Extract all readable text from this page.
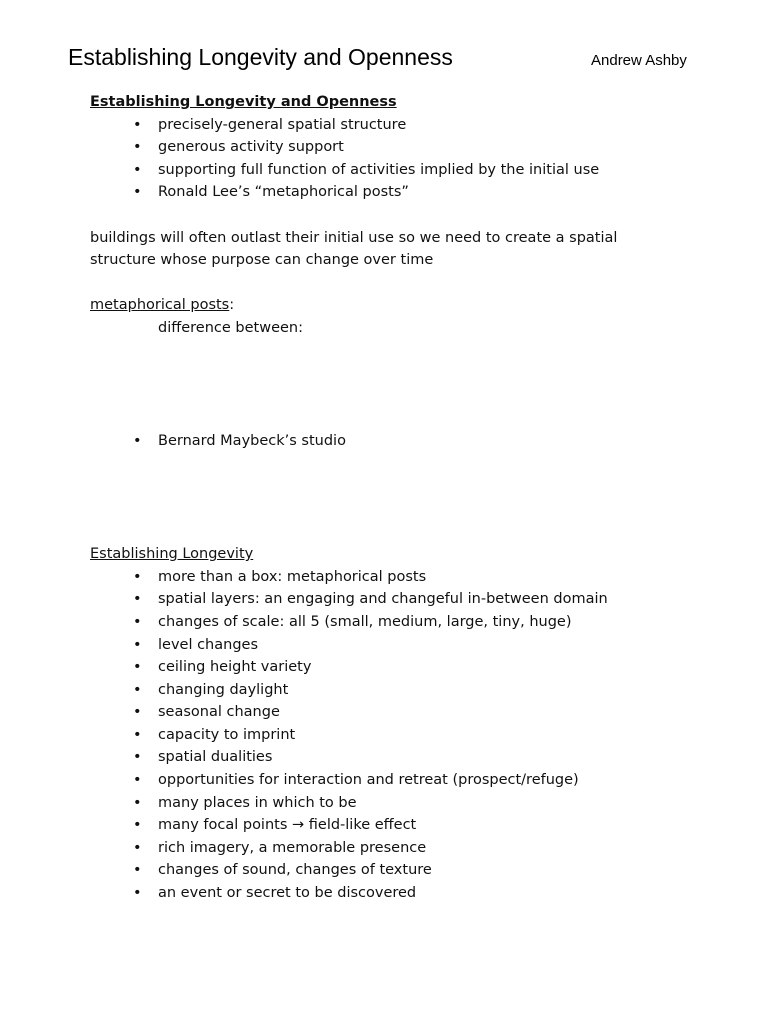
Establishing Longevity and Openness	Andrew Ashby
Establishing Longevity and Openness
• precisely-general spatial structure
• generous activity support
• supporting full function of activities implied by the initial use
• Ronald Lee’s “metaphorical posts”
buildings will often outlast their initial use so we need to create a spatial
structure whose purpose can change over time
metaphorical posts:
difference between:
• Bernard Maybeck’s studio
Establishing Longevity
• more than a box: metaphorical posts
• spatial layers: an engaging and changeful in-between domain
• changes of scale: all 5 (small, medium, large, tiny, huge)
• level changes
• ceiling height variety
• changing daylight
• seasonal change
• capacity to imprint
• spatial dualities
• opportunities for interaction and retreat (prospect/refuge)
• many places in which to be
• many focal points → field-like effect
• rich imagery, a memorable presence
• changes of sound, changes of texture
• an event or secret to be discovered
